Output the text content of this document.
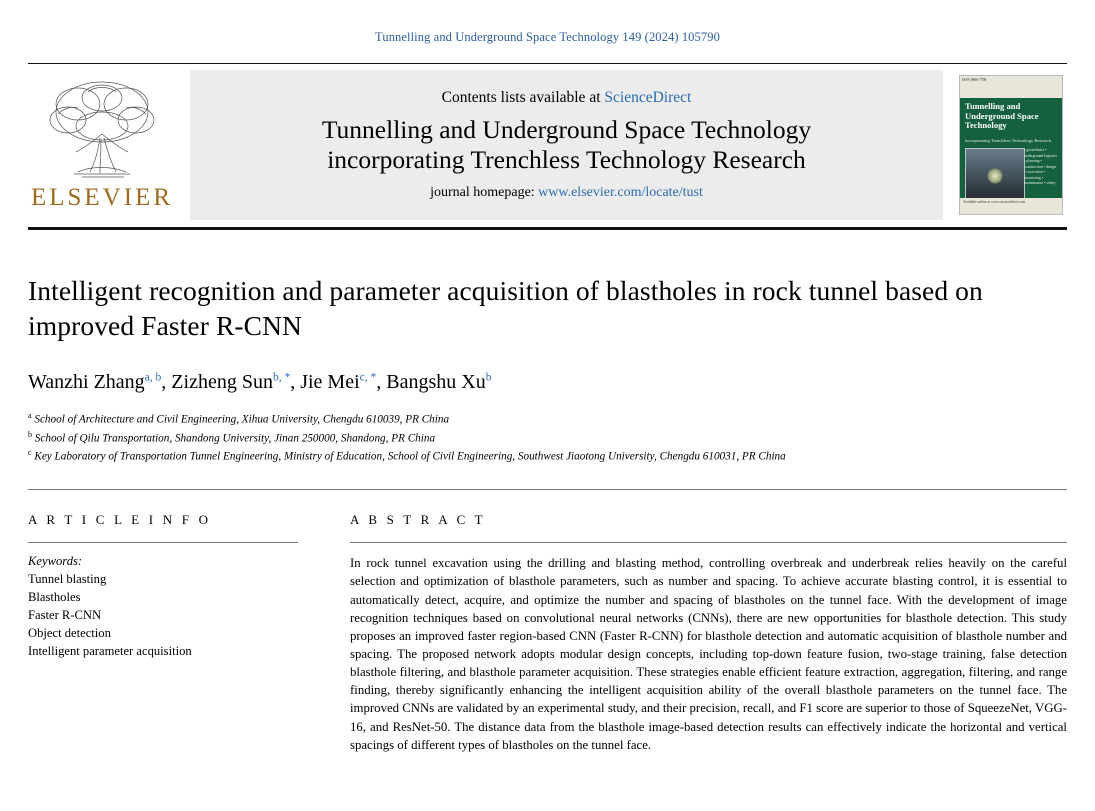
Tunnelling and Underground Space Technology 149 (2024) 105790
ELSEVIER
Contents lists available at ScienceDirect
Tunnelling and Underground Space Technology
incorporating Trenchless Technology Research
journal homepage: www.elsevier.com/locate/tust
ISSN 0886-7798
Tunnelling and Underground Space Technology
incorporating Trenchless Technology Research
• geotechnics • underground logistics • planning • construction • design • excavation • monitoring • maintenance • safety
Available online at www.sciencedirect.com
Intelligent recognition and parameter acquisition of blastholes in rock tunnel based on improved Faster R-CNN
Wanzhi Zhang$^{a, b}$, Zizheng Sun$^{b, *}$, Jie Mei$^{c, *}$, Bangshu Xu$^b$
$^a$ School of Architecture and Civil Engineering, Xihua University, Chengdu 610039, PR China
$^b$ School of Qilu Transportation, Shandong University, Jinan 250000, Shandong, PR China
$^c$ Key Laboratory of Transportation Tunnel Engineering, Ministry of Education, School of Civil Engineering, Southwest Jiaotong University, Chengdu 610031, PR China
A R T I C L E I N F O
Keywords:
Tunnel blasting
Blastholes
Faster R-CNN
Object detection
Intelligent parameter acquisition
A B S T R A C T
In rock tunnel excavation using the drilling and blasting method, controlling overbreak and underbreak relies heavily on the careful selection and optimization of blasthole parameters, such as number and spacing. To achieve accurate blasting control, it is essential to automatically detect, acquire, and optimize the number and spacing of blastholes on the tunnel face. With the development of image recognition techniques based on convolutional neural networks (CNNs), there are new opportunities for blasthole detection. This study proposes an improved faster region-based CNN (Faster R-CNN) for blasthole detection and automatic acquisition of blasthole number and spacing. The proposed network adopts modular design concepts, including top-down feature fusion, two-stage training, false detection blasthole filtering, and blasthole parameter acquisition. These strategies enable efficient feature extraction, aggregation, filtering, and range finding, thereby significantly enhancing the intelligent acquisition ability of the overall blasthole parameters on the tunnel face. The improved CNNs are validated by an experimental study, and their precision, recall, and F1 score are superior to those of SqueezeNet, VGG-16, and ResNet-50. The distance data from the blasthole image-based detection results can effectively indicate the horizontal and vertical spacings of different types of blastholes on the tunnel face.
